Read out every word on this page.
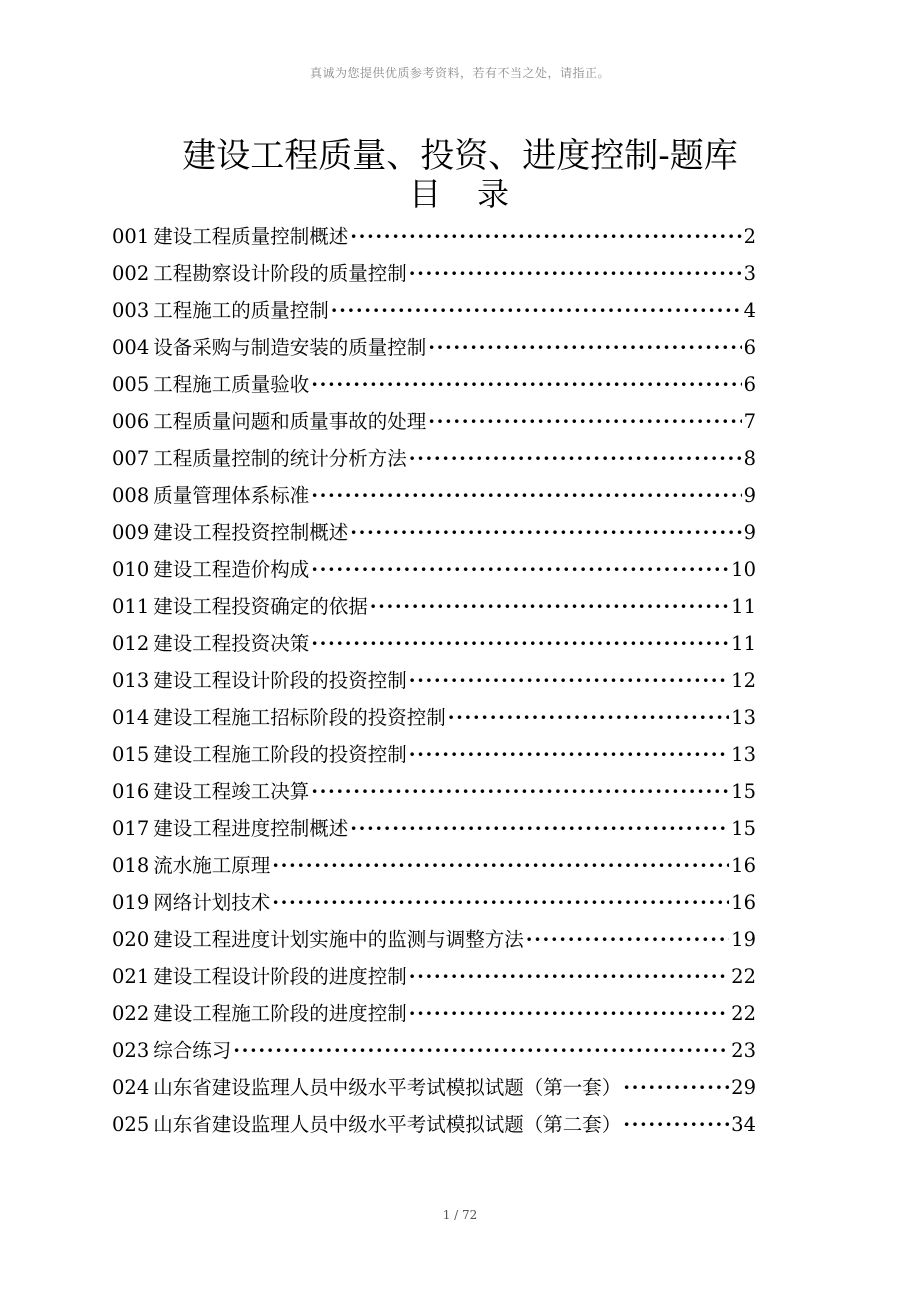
真诚为您提供优质参考资料，若有不当之处，请指正。
建设工程质量、投资、进度控制-题库
目　录
001 建设工程质量控制概述 ·····	2
002 工程勘察设计阶段的质量控制 ·····	3
003 工程施工的质量控制 ·····	4
004 设备采购与制造安装的质量控制 ·····	6
005 工程施工质量验收 ·····	6
006 工程质量问题和质量事故的处理 ·····	7
007 工程质量控制的统计分析方法 ·····	8
008 质量管理体系标准 ·····	9
009 建设工程投资控制概述 ·····	9
010 建设工程造价构成 ·····	10
011 建设工程投资确定的依据 ·····	11
012 建设工程投资决策 ·····	11
013 建设工程设计阶段的投资控制 ·····	12
014 建设工程施工招标阶段的投资控制 ·····	13
015 建设工程施工阶段的投资控制 ·····	13
016 建设工程竣工决算 ·····	15
017 建设工程进度控制概述 ·····	15
018 流水施工原理 ·····	16
019 网络计划技术 ·····	16
020 建设工程进度计划实施中的监测与调整方法 ·····	19
021 建设工程设计阶段的进度控制 ·····	22
022 建设工程施工阶段的进度控制 ·····	22
023 综合练习 ·····	23
024 山东省建设监理人员中级水平考试模拟试题（第一套） ·····	29
025 山东省建设监理人员中级水平考试模拟试题（第二套） ·····	34
1 / 72
